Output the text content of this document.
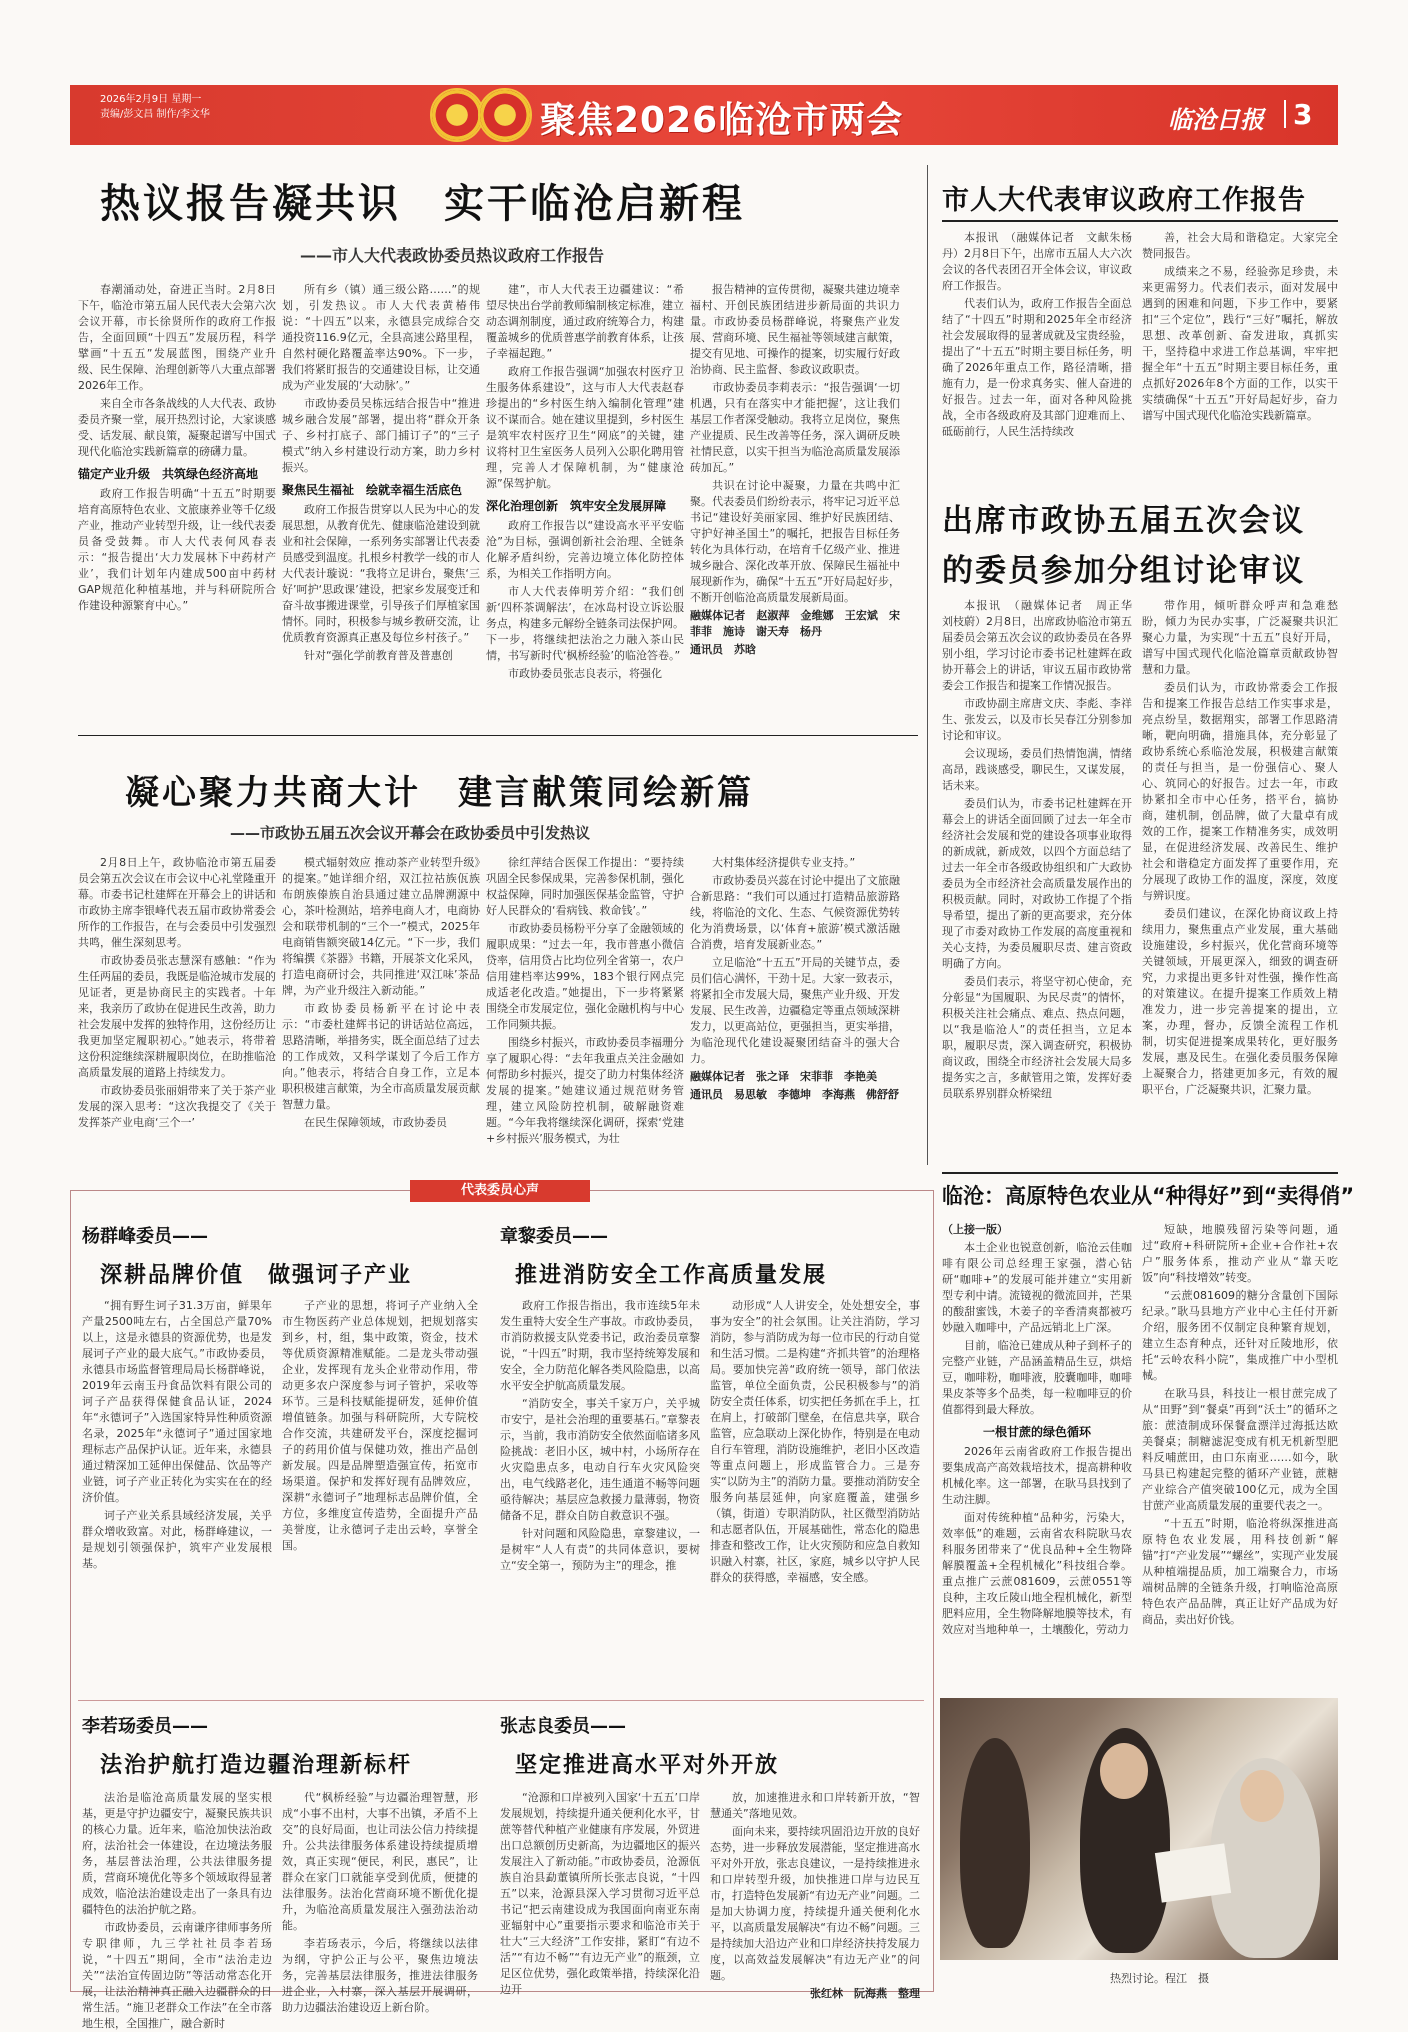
2026年2月9日 星期一
责编/彭文昌 制作/李文华	聚焦2026临沧市两会	临沧日报 3
热议报告凝共识　实干临沧启新程
——市人大代表政协委员热议政府工作报告

春潮涌动处，奋进正当时。2月8日下午，临沧市第五届人民代表大会第六次会议开幕，市长徐贤所作的政府工作报告，全面回顾“十四五”发展历程，科学擘画“十五五”发展蓝图，围绕产业升级、民生保障、治理创新等八大重点部署2026年工作。

来自全市各条战线的人大代表、政协委员齐聚一堂，展开热烈讨论，大家谈感受、话发展、献良策，凝聚起谱写中国式现代化临沧实践新篇章的磅礴力量。

锚定产业升级　共筑绿色经济高地

政府工作报告明确“十五五”时期要培育高原特色农业、文旅康养业等千亿级产业，推动产业转型升级，让一线代表委员备受鼓舞。市人大代表何风春表示：“报告提出‘大力发展林下中药材产业’，我们计划年内建成500亩中药材GAP规范化种植基地，并与科研院所合作建设种源繁育中心。”

所有乡（镇）通三级公路……”的规划，引发热议。市人大代表黄椿伟说：“十四五”以来，永德县完成综合交通投资116.9亿元，全县高速公路里程，自然村硬化路覆盖率达90%。下一步，我们将紧盯报告的交通建设目标，让交通成为产业发展的‘大动脉’。”

市政协委员吴栋远结合报告中“推进城乡融合发展”部署，提出将“群众开条子、乡村打底子、部门捕订子”的“三子模式”纳入乡村建设行动方案，助力乡村振兴。

聚焦民生福祉　绘就幸福生活底色

政府工作报告贯穿以人民为中心的发展思想，从教育优先、健康临沧建设到就业和社会保障，一系列务实部署让代表委员感受到温度。扎根乡村教学一线的市人大代表计璇说：“我将立足讲台，聚焦‘三好’呵护‘思政课’建设，把家乡发展变迁和奋斗故事搬进课堂，引导孩子们厚植家国情怀。同时，积极参与城乡教研交流，让优质教育资源真正惠及每位乡村孩子。”

针对“强化学前教育普及普惠创

建”，市人大代表王边疆建议：“希望尽快出台学前教师编制核定标准，建立动态调剂制度，通过政府统筹合力，构建覆盖城乡的优质普惠学前教育体系，让孩子幸福起跑。”

政府工作报告强调“加强农村医疗卫生服务体系建设”，这与市人大代表赵春珍提出的“乡村医生纳入编制化管理”建议不谋而合。她在建议里提到，乡村医生是筑牢农村医疗卫生“网底”的关键，建议将村卫生室医务人员列入公职化聘用管理，完善人才保障机制，为“健康沧源”保驾护航。

深化治理创新　筑牢安全发展屏障

政府工作报告以“建设高水平平安临沧”为目标，强调创新社会治理、全链条化解矛盾纠纷，完善边境立体化防控体系，为相关工作指明方向。

市人大代表俸明芳介绍：“我们创新‘四杯茶调解法’，在冰岛村设立诉讼服务点，构建多元解纷全链条司法保护网。下一步，将继续把法治之力融入茶山民情，书写新时代‘枫桥经验’的临沧答卷。”

市政协委员张志良表示，将强化

报告精神的宣传贯彻，凝聚共建边境幸福村、开创民族团结进步新局面的共识力量。市政协委员杨群峰说，将聚焦产业发展、营商环境、民生福祉等领域建言献策，提交有见地、可操作的提案，切实履行好政治协商、民主监督、参政议政职责。

市政协委员李莉表示：“报告强调‘一切机遇，只有在落实中才能把握’，这让我们基层工作者深受触动。我将立足岗位，聚焦产业提质、民生改善等任务，深入调研反映社情民意，以实干担当为临沧高质量发展添砖加瓦。”

共识在讨论中凝聚，力量在共鸣中汇聚。代表委员们纷纷表示，将牢记习近平总书记“建设好美丽家园、维护好民族团结、守护好神圣国土”的嘱托，把报告目标任务转化为具体行动，在培育千亿级产业、推进城乡融合、深化改革开放、保障民生福祉中展现新作为，确保“十五五”开好局起好步，不断开创临沧高质量发展新局面。

融媒体记者　赵淑萍　金维娜　王宏斌　宋菲菲　施诗　谢天寿　杨丹

通讯员　苏晗

市人大代表审议政府工作报告

本报讯　（融媒体记者　文献朱杨丹）2月8日下午，出席市五届人大六次会议的各代表团召开全体会议，审议政府工作报告。

代表们认为，政府工作报告全面总结了“十四五”时期和2025年全市经济社会发展取得的显著成就及宝贵经验，提出了“十五五”时期主要目标任务，明确了2026年重点工作，路径清晰，措施有力，是一份求真务实、催人奋进的好报告。过去一年，面对各种风险挑战，全市各级政府及其部门迎难而上、砥砺前行，人民生活持续改

善，社会大局和谐稳定。大家完全赞同报告。

成绩来之不易，经验弥足珍贵，未来更需努力。代表们表示，面对发展中遇到的困难和问题，下步工作中，要紧扣“三个定位”，践行“三好”嘱托，解放思想、改革创新、奋发进取，真抓实干，坚持稳中求进工作总基调，牢牢把握全年“十五五”时期主要目标任务，重点抓好2026年8个方面的工作，以实干实绩确保“十五五”开好局起好步，奋力谱写中国式现代化临沧实践新篇章。

出席市政协五届五次会议
的委员参加分组讨论审议

本报讯　（融媒体记者　周正华　刘枝蔚）2月8日，出席政协临沧市第五届委员会第五次会议的政协委员在各界别小组，学习讨论市委书记杜建辉在政协开幕会上的讲话，审议五届市政协常委会工作报告和提案工作情况报告。

市政协副主席唐文庆、李彪、李祥生、张发云，以及市长吴春江分别参加讨论和审议。

会议现场，委员们热情饱满，情绪高昂，践谈感受，聊民生，又谋发展，话未来。

委员们认为，市委书记杜建辉在开幕会上的讲话全面回顾了过去一年全市经济社会发展和党的建设各项事业取得的新成就，新成效，以四个方面总结了过去一年全市各级政协组织和广大政协委员为全市经济社会高质量发展作出的积极贡献。同时，对政协工作提了个指导希望，提出了新的更高要求，充分体现了市委对政协工作发展的高度重视和关心支持，为委员履职尽责、建言资政明确了方向。

委员们表示，将坚守初心使命，充分彰显“为国履职、为民尽责”的情怀，积极关注社会痛点、难点、热点问题，以“我是临沧人”的责任担当，立足本职，履职尽责，深入调查研究，积极协商议政，围绕全市经济社会发展大局多提务实之言，多献管用之策，发挥好委员联系界别群众桥梁纽

带作用，倾听群众呼声和急难愁盼，倾力为民办实事，广泛凝聚共识汇聚心力量，为实现“十五五”良好开局，谱写中国式现代化临沧篇章贡献政协智慧和力量。

委员们认为，市政协常委会工作报告和提案工作报告总结工作实事求是，亮点纷呈，数据翔实，部署工作思路清晰，靶向明确，措施具体，充分彰显了政协系统心系临沧发展，积极建言献策的责任与担当，是一份强信心、聚人心、筑同心的好报告。过去一年，市政协紧扣全市中心任务，搭平台，搞协商，建机制，创品牌，做了大量卓有成效的工作，提案工作精准务实，成效明显，在促进经济发展、改善民生、维护社会和谐稳定方面发挥了重要作用，充分展现了政协工作的温度，深度，效度与辨识度。

委员们建议，在深化协商议政上持续用力，聚焦重点产业发展，重大基础设施建设，乡村振兴，优化营商环境等关键领域，开展更深入，细致的调查研究，力求提出更多针对性强，操作性高的对策建议。在提升提案工作质效上精准发力，进一步完善提案的提出，立案，办理，督办，反馈全流程工作机制，切实促进提案成果转化，更好服务发展，惠及民生。在强化委员服务保障上凝聚合力，搭建更加多元，有效的履职平台，广泛凝聚共识，汇聚力量。

凝心聚力共商大计　建言献策同绘新篇
——市政协五届五次会议开幕会在政协委员中引发热议

2月8日上午，政协临沧市第五届委员会第五次会议在市会议中心礼堂隆重开幕。市委书记杜建辉在开幕会上的讲话和市政协主席李银峰代表五届市政协常委会所作的工作报告，在与会委员中引发强烈共鸣，催生深刻思考。

市政协委员张志慧深有感触：“作为生任两届的委员，我既是临沧城市发展的见证者，更是协商民主的实践者。十年来，我亲历了政协在促进民生改善，助力社会发展中发挥的独特作用，这份经历让我更加坚定履职初心。”她表示，将带着这份积淀继续深耕履职岗位，在助推临沧高质量发展的道路上持续发力。

市政协委员张丽娟带来了关于茶产业发展的深入思考：“这次我提交了《关于发挥茶产业电商‘三个一’

模式辐射效应 推动茶产业转型升级》的提案。”她详细介绍，双江拉祜族佤族布朗族傣族自治县通过建立品牌溯源中心，茶叶检测站，培养电商人才，电商协会和联带机制的“三个一”模式，2025年电商销售额突破14亿元。“下一步，我们将编撰《茶器》书籍，开展茶文化采风，打造电商研讨会，共同推进‘双江味’茶品牌，为产业升级注入新动能。”

市政协委员杨新平在讨论中表示：“市委杜建辉书记的讲话站位高远，思路清晰，举措务实，既全面总结了过去的工作成效，又科学谋划了今后工作方向。”他表示，将结合自身工作，立足本职积极建言献策，为全市高质量发展贡献智慧力量。

在民生保障领域，市政协委员

徐红萍结合医保工作提出：“要持续巩固全民参保成果，完善参保机制，强化权益保障，同时加强医保基金监管，守护好人民群众的‘看病钱、救命钱’。”

市政协委员杨粉平分享了金融领域的履职成果：“过去一年，我市普惠小微信贷率，信用贷占比均位列全省第一，农户信用建档率达99%，183个银行网点完成适老化改造。”她提出，下一步将紧紧围绕全市发展定位，强化金融机构与中心工作同频共振。

围绕乡村振兴，市政协委员李福珊分享了履职心得：“去年我重点关注金融如何帮助乡村振兴，提交了助力村集体经济发展的提案。”她建议通过规范财务管理，建立风险防控机制，破解融资难题。“今年我将继续深化调研，探索‘党建+乡村振兴’服务模式，为壮

大村集体经济提供专业支持。”

市政协委员兴蕊在讨论中提出了文旅融合新思路：“我们可以通过打造精品旅游路线，将临沧的文化、生态、气候资源优势转化为消费场景，以‘体育+旅游’模式激活融合消费，培育发展新业态。”

立足临沧“十五五”开局的关键节点，委员们信心满怀，干劲十足。大家一致表示，将紧扣全市发展大局，聚焦产业升级、开发发展、民生改善，边疆稳定等重点领域深耕发力，以更高站位，更强担当，更实举措，为临沧现代化建设凝聚团结奋斗的强大合力。

融媒体记者　张之译　宋菲菲　李艳美

通讯员　易思敏　李德坤　李海燕　佛舒舒

代表委员心声
杨群峰委员——
深耕品牌价值　做强诃子产业

“拥有野生诃子31.3万亩，鲜果年产量2500吨左右，占全国总产量70%以上，这是永德县的资源优势，也是发展诃子产业的最大底气。”市政协委员，永德县市场监督管理局局长杨群峰说，2019年云南玉丹食品饮料有限公司的诃子产品获得保健食品认证，2024年“永德诃子”入选国家特异性种质资源名录，2025年“永德诃子”通过国家地理标志产品保护认证。近年来，永德县通过精深加工延伸出保健品、饮品等产业链，诃子产业正转化为实实在在的经济价值。

诃子产业关系县域经济发展，关乎群众增收致富。对此，杨群峰建议，一是规划引领强保护，筑牢产业发展根基。

子产业的思想，将诃子产业纳入全市生物医药产业总体规划，把规划落实到乡，村，组，集中政策，资金，技术等优质资源精准赋能。二是龙头带动强企业，发挥现有龙头企业带动作用，带动更多农户深度参与诃子管护，采收等环节。三是科技赋能提研发，延伸价值增值链条。加强与科研院所，大专院校合作交流，共建研发平台，深度挖掘诃子的药用价值与保健功效，推出产品创新发展。四是品牌塑造强宣传，拓宽市场渠道。保护和发挥好现有品牌效应，深耕“永德诃子”地理标志品牌价值，全方位，多维度宣传造势，全面提升产品美誉度，让永德诃子走出云岭，享誉全国。

章黎委员——
推进消防安全工作高质量发展

政府工作报告指出，我市连续5年未发生重特大安全生产事故。市政协委员，市消防救援支队党委书记，政治委员章黎说，“十四五”时期，我市坚持统筹发展和安全，全力防范化解各类风险隐患，以高水平安全护航高质量发展。

“消防安全，事关千家万户，关乎城市安宁，是社会治理的重要基石。”章黎表示，当前，我市消防安全依然面临诸多风险挑战：老旧小区，城中村，小场所存在火灾隐患点多，电动自行车火灾风险突出，电气线路老化，违生通道不畅等问题亟待解决；基层应急救援力量薄弱，物资储备不足，群众自防自救意识不强。

针对问题和风险隐患，章黎建议，一是树牢“人人有责”的共同体意识，要树立“安全第一，预防为主”的理念，推

动形成“人人讲安全，处处想安全，事事为安全”的社会氛围。让关注消防，学习消防，参与消防成为每一位市民的行动自觉和生活习惯。二是构建“齐抓共管”的治理格局。要加快完善“政府统一领导，部门依法监管，单位全面负责，公民积极参与”的消防安全责任体系，切实把任务抓在手上，扛在肩上，打破部门壁垒，在信息共享，联合监管，应急联动上深化协作，特别是在电动自行车管理，消防设施维护，老旧小区改造等重点问题上，形成监管合力。三是夯实“以防为主”的消防力量。要推动消防安全服务向基层延伸，向家庭覆盖，建强乡（镇，街道）专职消防队，社区微型消防站和志愿者队伍，开展基础性，常态化的隐患排查和整改工作，让火灾预防和应急自救知识融入村寨，社区，家庭，城乡以守护人民群众的获得感，幸福感，安全感。

李若玚委员——
法治护航打造边疆治理新标杆

法治是临沧高质量发展的坚实根基，更是守护边疆安宁，凝聚民族共识的核心力量。近年来，临沧加快法治政府，法治社会一体建设，在边境法务服务，基层普法治理，公共法律服务提质，营商环境优化等多个领域取得显著成效，临沧法治建设走出了一条具有边疆特色的法治护航之路。

市政协委员，云南谦序律师事务所专职律师，九三学社社员李若玚说，“十四五”期间，全市“法治走边关”“法治宣传固边防”等活动常态化开展，让法治精神真正融入边疆群众的日常生活。“施卫老群众工作法”在全市落地生根，全国推广，融合新时

代“枫桥经验”与边疆治理智慧，形成“小事不出村，大事不出镇，矛盾不上交”的良好局面，也让司法公信力持续提升。公共法律服务体系建设持续提质增效，真正实现“便民，利民，惠民”，让群众在家门口就能享受到优质，便捷的法律服务。法治化营商环境不断优化提升，为临沧高质量发展注入强劲法治动能。

李若玚表示，今后，将继续以法律为纲，守护公正与公平，聚焦边境法务，完善基层法律服务，推进法律服务进企业，入村寨，深入基层开展调研，助力边疆法治建设迈上新台阶。

张志良委员——
坚定推进高水平对外开放

“沧源和口岸被列入国家‘十五五’口岸发展规划，持续提升通关便利化水平，甘蔗等替代种植产业健康有序发展，外贸进出口总额创历史新高，为边疆地区的振兴发展注入了新动能。”市政协委员，沧源佤族自治县勐董镇所所长张志良说，“十四五”以来，沧源县深入学习贯彻习近平总书记“把云南建设成为我国面向南亚东南亚辐射中心”重要指示要求和临沧市关于壮大“三大经济”工作安排，紧盯“有边不活”“有边不畅”“有边无产业”的瓶颈，立足区位优势，强化政策举措，持续深化沿边开

放，加速推进永和口岸转新开放，“智慧通关”落地见效。

面向未来，要持续巩固沿边开放的良好态势，进一步释放发展潜能，坚定推进高水平对外开放，张志良建议，一是持续推进永和口岸转型升级，加快推进口岸与边民互市，打造特色发展新“有边无产业”问题。二是加大协调力度，持续提升通关便利化水平，以高质量发展解决“有边不畅”问题。三是持续加大沿边产业和口岸经济扶持发展力度，以高效益发展解决“有边无产业”的问题。

张红林　阮海燕　整理

临沧：高原特色农业从“种得好”到“卖得俏”

（上接一版）

本土企业也锐意创新，临沧云佳咖啡有限公司总经理王家强，潜心钻研“咖啡+”的发展可能并建立“实用新型专利中请。流镜视的微流回并，芒果的酸甜蜜饯，木姜子的辛香清爽都被巧妙融入咖啡中，产品远销北上广深。

目前，临沧已建成从种子到杯子的完整产业链，产品涵盖精品生豆，烘焙豆，咖啡粉，咖啡液，胶囊咖啡，咖啡果皮茶等多个品类，每一粒咖啡豆的价值都得到最大释放。

一根甘蔗的绿色循环

2026年云南省政府工作报告提出要集成高产高效栽培技术，提高耕种收机械化率。这一部署，在耿马县找到了生动注脚。

面对传统种植“品种劣，污染大，效率低”的难题，云南省农科院耿马农科服务团带来了“优良品种+全生物降解膜覆盖+全程机械化”科技组合拳。重点推广云蔗081609，云蔗0551等良种，主攻丘陵山地全程机械化，新型肥料应用，全生物降解地膜等技术，有效应对当地种单一，土壤酸化，劳动力

短缺，地膜残留污染等问题，通过“政府+科研院所+企业+合作社+农户”服务体系，推动产业从“靠天吃饭”向“科技增效”转变。

“云蔗081609的糖分含量创下国际纪录。”耿马县地方产业中心主任付开新介绍，服务团不仅制定良种繁育规划，建立生态育种点，还针对丘陵地形，依托“云岭农科小院”，集成推广中小型机械。

在耿马县，科技让一根甘蔗完成了从“田野”到“餐桌”再到“沃土”的循环之旅：蔗渣制成环保餐盒漂洋过海抵达欧美餐桌；制糖滤泥变成有机无机新型肥料反哺蔗田，由口东南亚……如今，耿马县已构建起完整的循环产业链，蔗糖产业综合产值突破100亿元，成为全国甘蔗产业高质量发展的重要代表之一。

“十五五”时期，临沧将纵深推进高原特色农业发展，用科技创新“解锚”打“产业发展”“螺丝”，实现产业发展从种植端提品质，加工端聚合力，市场端树品牌的全链条升级，打响临沧高原特色农产品品牌，真正让好产品成为好商品，卖出好价钱。

热烈讨论。程江　摄
